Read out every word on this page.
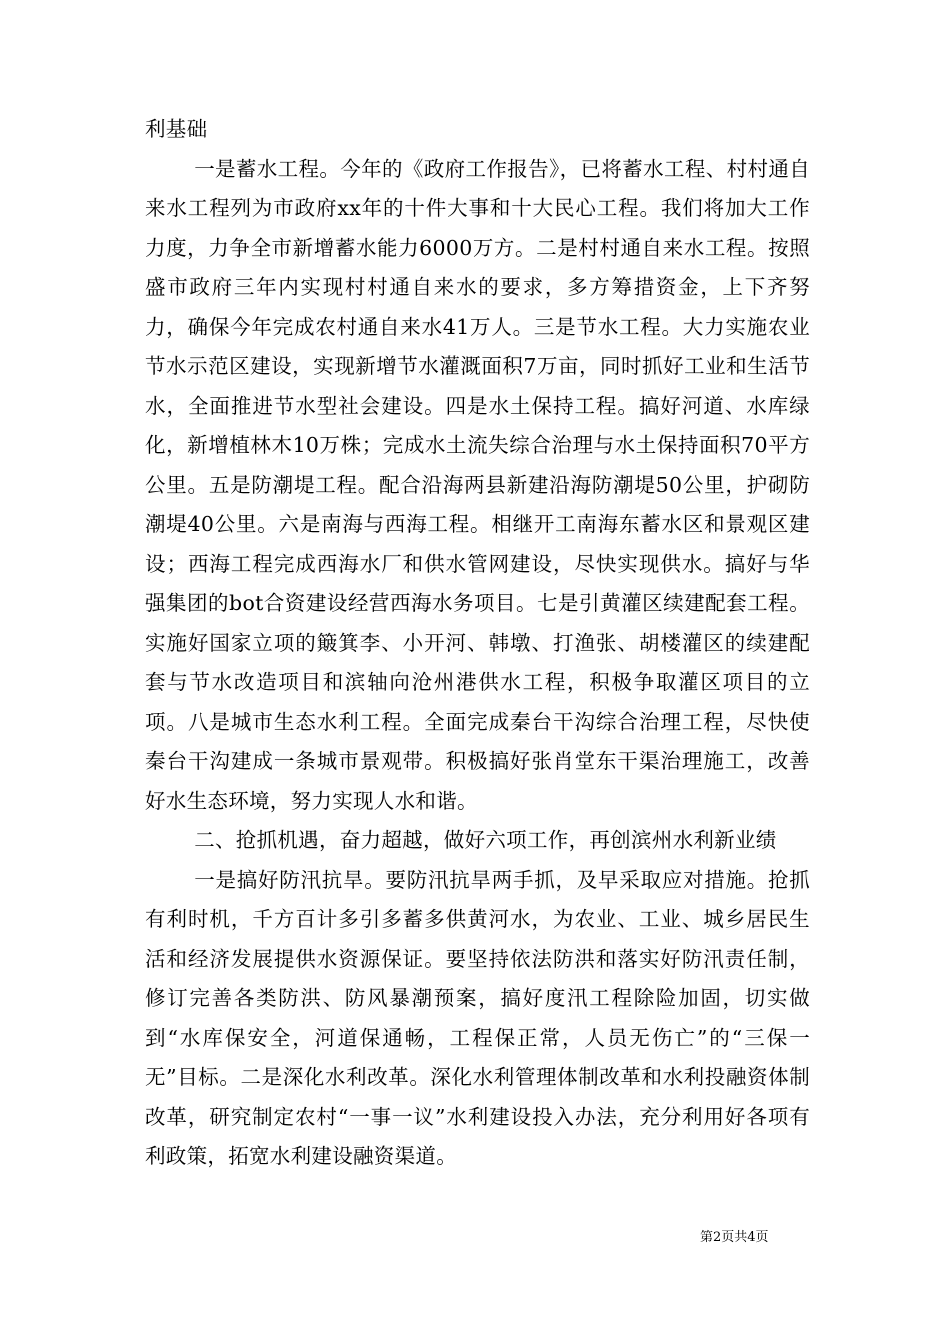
利基础

一是蓄水工程。今年的《政府工作报告》，已将蓄水工程、村村通自来水工程列为市政府xx年的十件大事和十大民心工程。我们将加大工作力度，力争全市新增蓄水能力6000万方。二是村村通自来水工程。按照盛市政府三年内实现村村通自来水的要求，多方筹措资金，上下齐努力，确保今年完成农村通自来水41万人。三是节水工程。大力实施农业节水示范区建设，实现新增节水灌溉面积7万亩，同时抓好工业和生活节水，全面推进节水型社会建设。四是水土保持工程。搞好河道、水库绿化，新增植林木10万株；完成水土流失综合治理与水土保持面积70平方公里。五是防潮堤工程。配合沿海两县新建沿海防潮堤50公里，护砌防潮堤40公里。六是南海与西海工程。相继开工南海东蓄水区和景观区建设；西海工程完成西海水厂和供水管网建设，尽快实现供水。搞好与华强集团的bot合资建设经营西海水务项目。七是引黄灌区续建配套工程。实施好国家立项的簸箕李、小开河、韩墩、打渔张、胡楼灌区的续建配套与节水改造项目和滨轴向沧州港供水工程，积极争取灌区项目的立项。八是城市生态水利工程。全面完成秦台干沟综合治理工程，尽快使秦台干沟建成一条城市景观带。积极搞好张肖堂东干渠治理施工，改善好水生态环境，努力实现人水和谐。

二、抢抓机遇，奋力超越，做好六项工作，再创滨州水利新业绩

一是搞好防汛抗旱。要防汛抗旱两手抓，及早采取应对措施。抢抓有利时机，千方百计多引多蓄多供黄河水，为农业、工业、城乡居民生活和经济发展提供水资源保证。要坚持依法防洪和落实好防汛责任制，修订完善各类防洪、防风暴潮预案，搞好度汛工程除险加固，切实做到“水库保安全，河道保通畅，工程保正常，人员无伤亡”的“三保一无”目标。二是深化水利改革。深化水利管理体制改革和水利投融资体制改革，研究制定农村“一事一议”水利建设投入办法，充分利用好各项有利政策，拓宽水利建设融资渠道。

第2页共4页
